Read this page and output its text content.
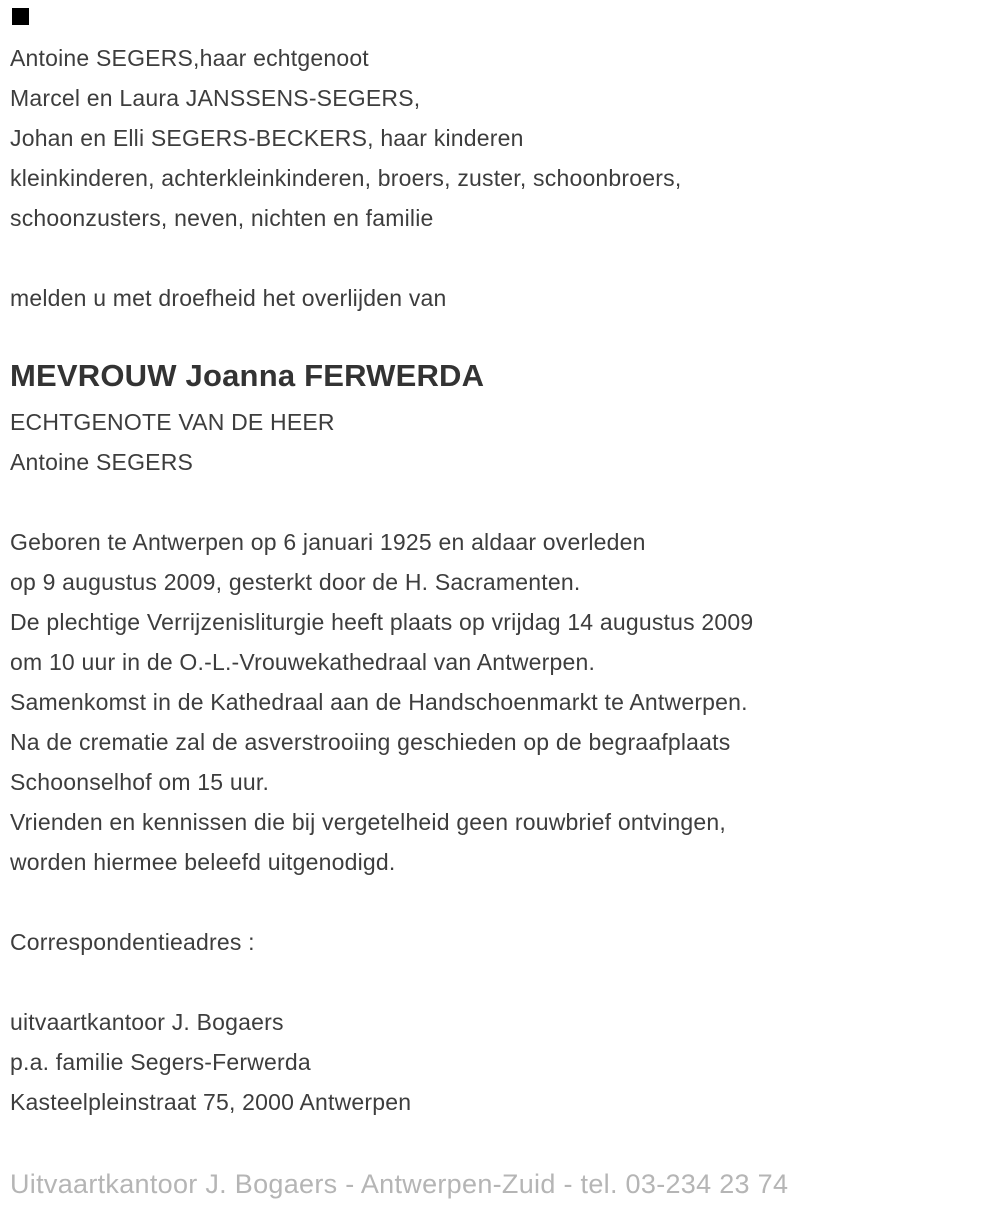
Antoine SEGERS,haar echtgenoot
Marcel en Laura JANSSENS-SEGERS,
Johan en Elli SEGERS-BECKERS, haar kinderen
kleinkinderen, achterkleinkinderen, broers, zuster, schoonbroers,
schoonzusters, neven, nichten en familie
melden u met droefheid het overlijden van
MEVROUW Joanna FERWERDA
ECHTGENOTE VAN DE HEER
Antoine SEGERS
Geboren te Antwerpen op 6 januari 1925 en aldaar overleden
op 9 augustus 2009, gesterkt door de H. Sacramenten.
De plechtige Verrijzenisliturgie heeft plaats op vrijdag 14 augustus 2009
om 10 uur in de O.-L.-Vrouwekathedraal van Antwerpen.
Samenkomst in de Kathedraal aan de Handschoenmarkt te Antwerpen.
Na de crematie zal de asverstrooiing geschieden op de begraafplaats
Schoonselhof om 15 uur.
Vrienden en kennissen die bij vergetelheid geen rouwbrief ontvingen,
worden hiermee beleefd uitgenodigd.
Correspondentieadres :
uitvaartkantoor J. Bogaers
p.a. familie Segers-Ferwerda
Kasteelpleinstraat 75, 2000 Antwerpen
Uitvaartkantoor J. Bogaers - Antwerpen-Zuid - tel. 03-234 23 74
